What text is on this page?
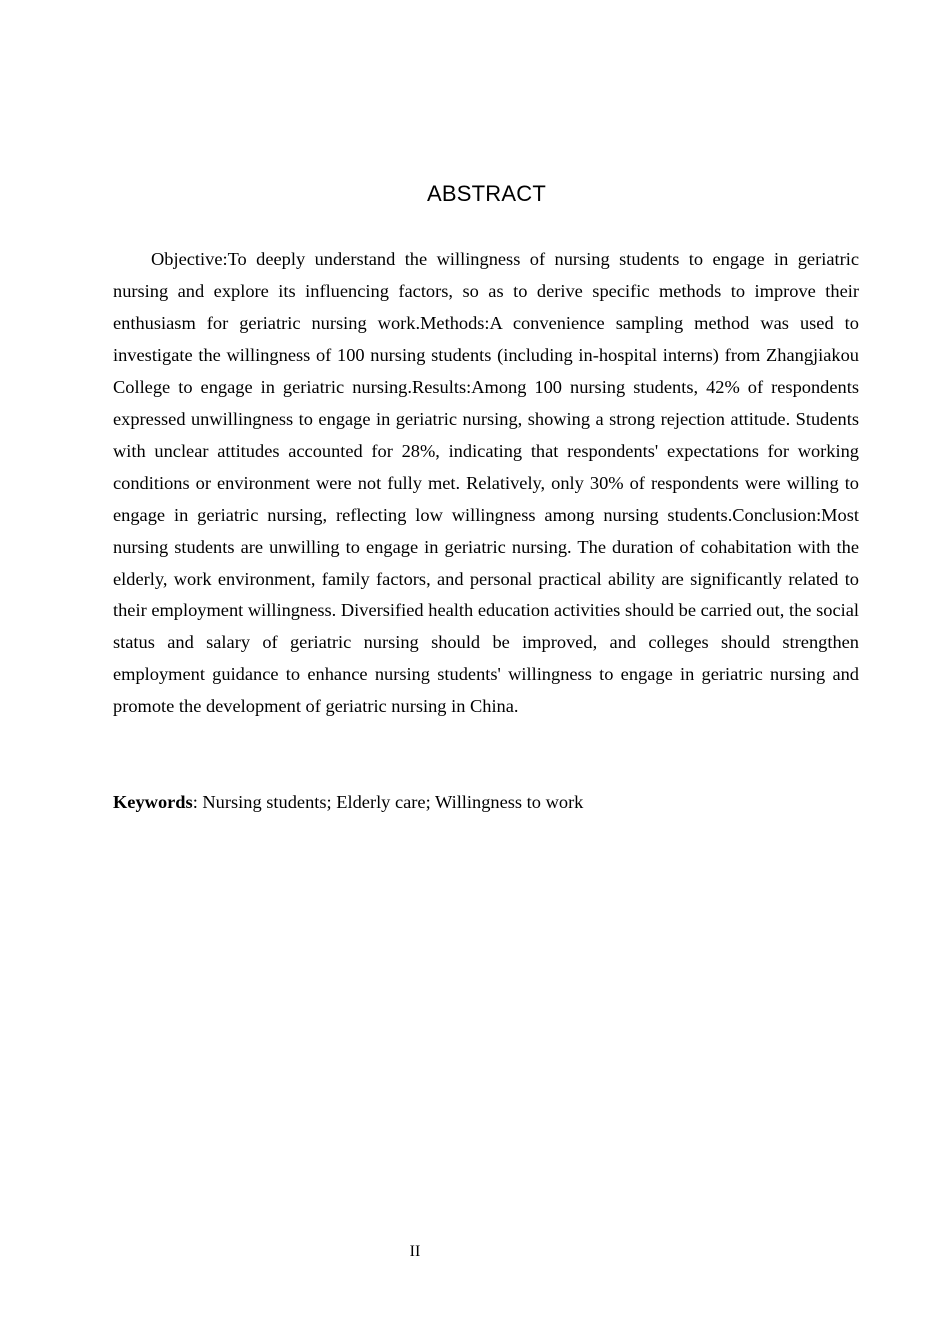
ABSTRACT

Objective:To deeply understand the willingness of nursing students to engage in geriatric nursing and explore its influencing factors, so as to derive specific methods to improve their enthusiasm for geriatric nursing work.Methods:A convenience sampling method was used to investigate the willingness of 100 nursing students (including in-hospital interns) from Zhangjiakou College to engage in geriatric nursing.Results:Among 100 nursing students, 42% of respondents expressed unwillingness to engage in geriatric nursing, showing a strong rejection attitude. Students with unclear attitudes accounted for 28%, indicating that respondents' expectations for working conditions or environment were not fully met. Relatively, only 30% of respondents were willing to engage in geriatric nursing, reflecting low willingness among nursing students.Conclusion:Most nursing students are unwilling to engage in geriatric nursing. The duration of cohabitation with the elderly, work environment, family factors, and personal practical ability are significantly related to their employment willingness. Diversified health education activities should be carried out, the social status and salary of geriatric nursing should be improved, and colleges should strengthen employment guidance to enhance nursing students' willingness to engage in geriatric nursing and promote the development of geriatric nursing in China.

Keywords: Nursing students; Elderly care; Willingness to work

II
